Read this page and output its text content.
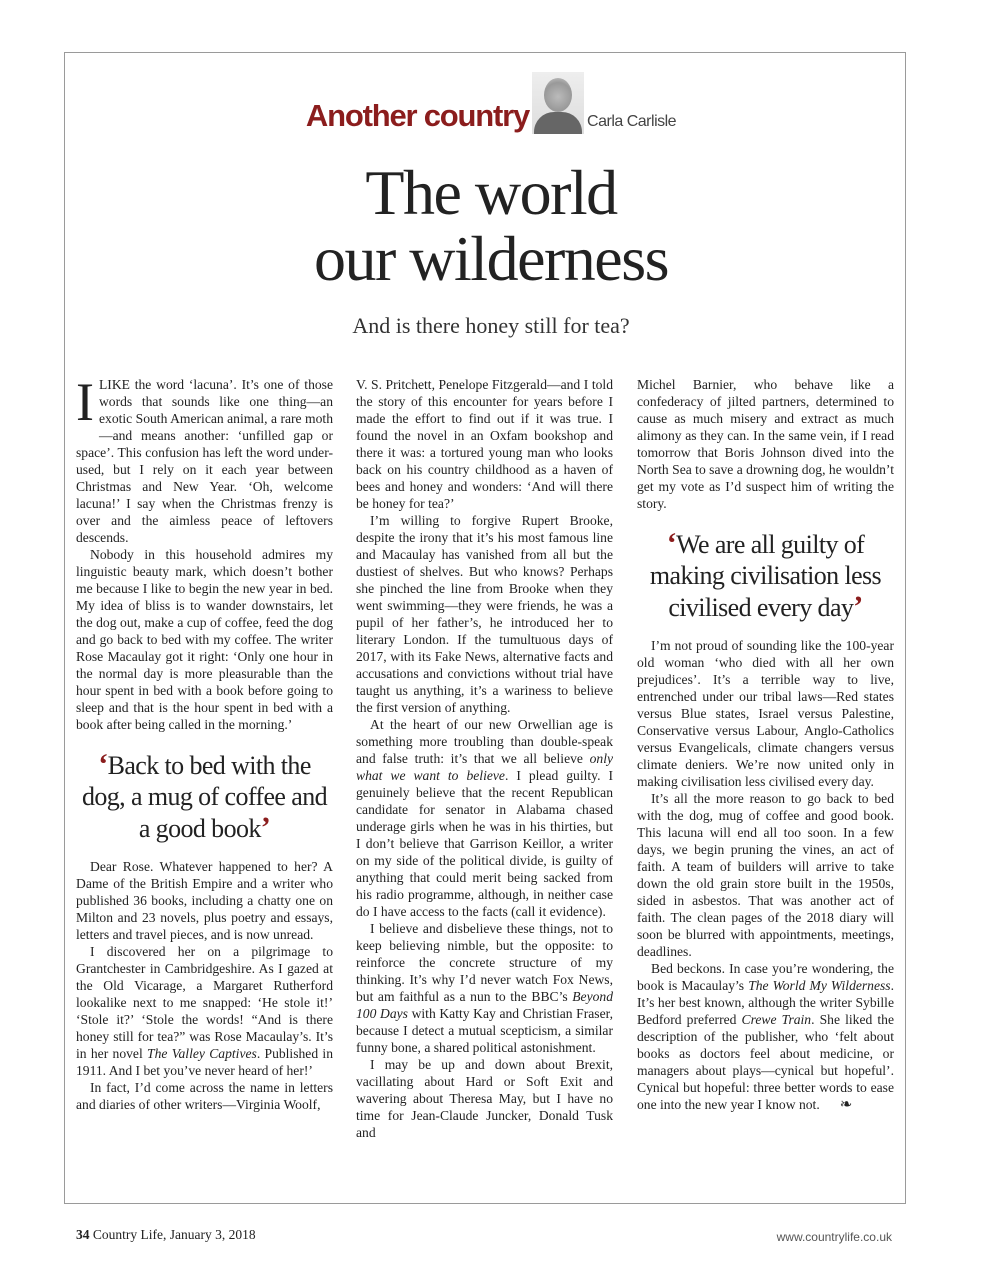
Another country	Carla Carlisle
The world
our wilderness
And is there honey still for tea?

ILIKE the word ‘lacuna’. It’s one of those words that sounds like one thing—an exotic South American animal, a rare moth—and means another: ‘unfilled gap or space’. This confusion has left the word under-used, but I rely on it each year between Christmas and New Year. ‘Oh, welcome lacuna!’ I say when the Christmas frenzy is over and the aimless peace of leftovers descends.

Nobody in this household admires my linguistic beauty mark, which doesn’t bother me because I like to begin the new year in bed. My idea of bliss is to wander downstairs, let the dog out, make a cup of coffee, feed the dog and go back to bed with my coffee. The writer Rose Macaulay got it right: ‘Only one hour in the normal day is more pleasurable than the hour spent in bed with a book before going to sleep and that is the hour spent in bed with a book after being called in the morning.’

‘Back to bed with the dog, a mug of coffee and a good book’

Dear Rose. Whatever happened to her? A Dame of the British Empire and a writer who published 36 books, including a chatty one on Milton and 23 novels, plus poetry and essays, letters and travel pieces, and is now unread.

I discovered her on a pilgrimage to Grantchester in Cambridgeshire. As I gazed at the Old Vicarage, a Margaret Rutherford lookalike next to me snapped: ‘He stole it!’ ‘Stole it?’ ‘Stole the words! “And is there honey still for tea?” was Rose Macaulay’s. It’s in her novel The Valley Captives. Published in 1911. And I bet you’ve never heard of her!’

In fact, I’d come across the name in letters and diaries of other writers—Virginia Woolf,

V. S. Pritchett, Penelope Fitzgerald—and I told the story of this encounter for years before I made the effort to find out if it was true. I found the novel in an Oxfam bookshop and there it was: a tortured young man who looks back on his country childhood as a haven of bees and honey and wonders: ‘And will there be honey for tea?’

I’m willing to forgive Rupert Brooke, despite the irony that it’s his most famous line and Macaulay has vanished from all but the dustiest of shelves. But who knows? Perhaps she pinched the line from Brooke when they went swimming—they were friends, he was a pupil of her father’s, he introduced her to literary London. If the tumultuous days of 2017, with its Fake News, alternative facts and accusations and convictions without trial have taught us anything, it’s a wariness to believe the first version of anything.

At the heart of our new Orwellian age is something more troubling than double-speak and false truth: it’s that we all believe only what we want to believe. I plead guilty. I genuinely believe that the recent Republican candidate for senator in Alabama chased underage girls when he was in his thirties, but I don’t believe that Garrison Keillor, a writer on my side of the political divide, is guilty of anything that could merit being sacked from his radio programme, although, in neither case do I have access to the facts (call it evidence).

I believe and disbelieve these things, not to keep believing nimble, but the opposite: to reinforce the concrete structure of my thinking. It’s why I’d never watch Fox News, but am faithful as a nun to the BBC’s Beyond 100 Days with Katty Kay and Christian Fraser, because I detect a mutual scepticism, a similar funny bone, a shared political astonishment.

I may be up and down about Brexit, vacillating about Hard or Soft Exit and wavering about Theresa May, but I have no time for Jean-Claude Juncker, Donald Tusk and

Michel Barnier, who behave like a confederacy of jilted partners, determined to cause as much misery and extract as much alimony as they can. In the same vein, if I read tomorrow that Boris Johnson dived into the North Sea to save a drowning dog, he wouldn’t get my vote as I’d suspect him of writing the story.

‘We are all guilty of making civilisation less civilised every day’

I’m not proud of sounding like the 100-year old woman ‘who died with all her own prejudices’. It’s a terrible way to live, entrenched under our tribal laws—Red states versus Blue states, Israel versus Palestine, Conservative versus Labour, Anglo-Catholics versus Evangelicals, climate changers versus climate deniers. We’re now united only in making civilisation less civilised every day.

It’s all the more reason to go back to bed with the dog, mug of coffee and good book. This lacuna will end all too soon. In a few days, we begin pruning the vines, an act of faith. A team of builders will arrive to take down the old grain store built in the 1950s, sided in asbestos. That was another act of faith. The clean pages of the 2018 diary will soon be blurred with appointments, meetings, deadlines.

Bed beckons. In case you’re wondering, the book is Macaulay’s The World My Wilderness. It’s her best known, although the writer Sybille Bedford preferred Crewe Train. She liked the description of the publisher, who ‘felt about books as doctors feel about medicine, or managers about plays—cynical but hopeful’. Cynical but hopeful: three better words to ease one into the new year I know not. ❧

34 Country Life, January 3, 2018	www.countrylife.co.uk
